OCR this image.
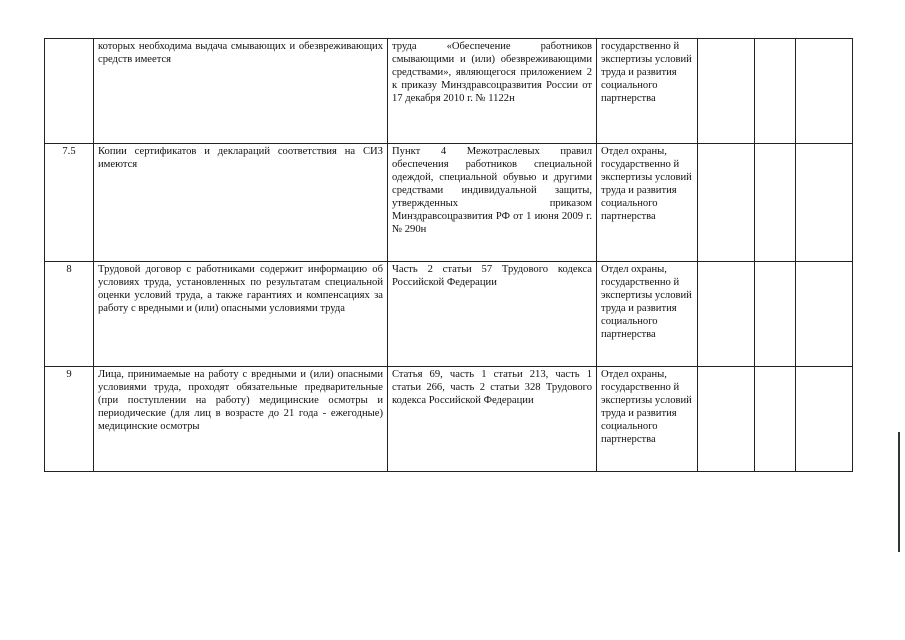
	которых необходима выдача смывающих и обезвреживающих средств имеется	труда «Обеспечение работников смывающими и (или) обезвреживающими средствами», являющегося приложением 2 к приказу Минздравсоцразвития России от 17 декабря 2010 г. № 1122н	государственно й экспертизы условий труда и развития социального партнерства			
7.5	Копии сертификатов и деклараций соответствия на СИЗ имеются	Пункт 4 Межотраслевых правил обеспечения работников специальной одеждой, специальной обувью и другими средствами индивидуальной защиты, утвержденных приказом Минздравсоцразвития РФ от 1 июня 2009 г. № 290н	Отдел охраны, государственно й экспертизы условий труда и развития социального партнерства			
8	Трудовой договор с работниками содержит информацию об условиях труда, установленных по результатам специальной оценки условий труда, а также гарантиях и компенсациях за работу с вредными и (или) опасными условиями труда	Часть 2 статьи 57 Трудового кодекса Российской Федерации	Отдел охраны, государственно й экспертизы условий труда и развития социального партнерства			
9	Лица, принимаемые на работу с вредными и (или) опасными условиями труда, проходят обязательные предварительные (при поступлении на работу) медицинские осмотры и периодические (для лиц в возрасте до 21 года - ежегодные) медицинские осмотры	Статья 69, часть 1 статьи 213, часть 1 статьи 266, часть 2 статьи 328 Трудового кодекса Российской Федерации	Отдел охраны, государственно й экспертизы условий труда и развития социального партнерства			
